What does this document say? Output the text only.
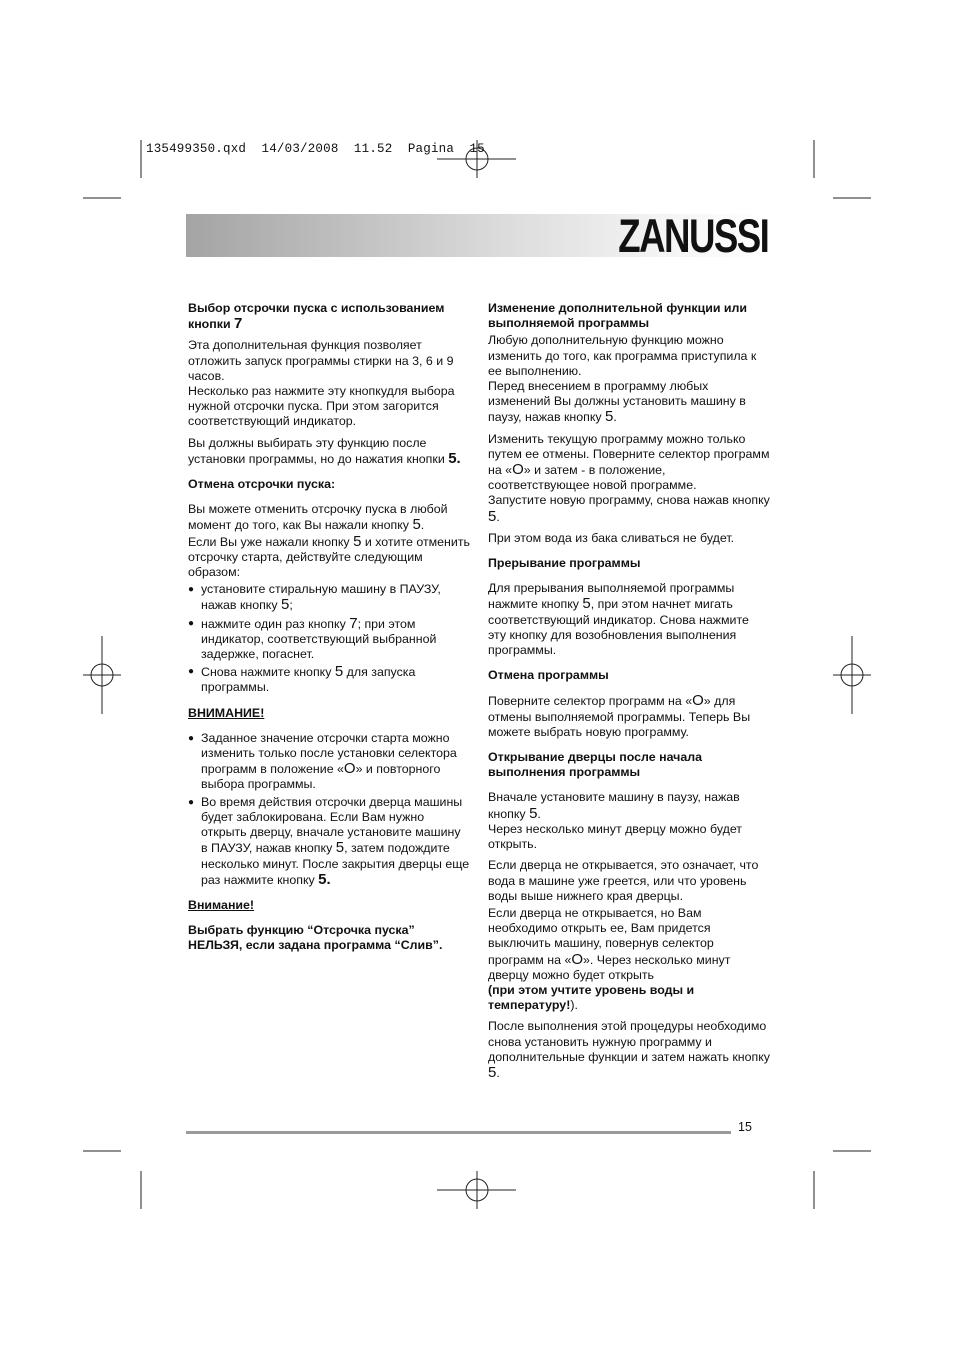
135499350.qxd  14/03/2008  11.52  Pagina  15
ZANUSSI
Выбор отсрочки пуска с использованием кнопки 7
Эта дополнительная функция позволяет отложить запуск программы стирки на 3, 6 и 9 часов.
Несколько раз нажмите эту кнопкудля выбора нужной отсрочки пуска. При этом загорится соответствующий индикатор.
Вы должны выбирать эту функцию после установки программы, но до нажатия кнопки 5.
Отмена отсрочки пуска:
Вы можете отменить отсрочку пуска в любой момент до того, как Вы нажали кнопку 5.
Если Вы уже нажали кнопку 5 и хотите отменить отсрочку старта, действуйте следующим образом:
● установите стиральную машину в ПАУЗУ, нажав кнопку 5;
● нажмите один раз кнопку 7; при этом индикатор, соответствующий выбранной задержке, погаснет.
● Снова нажмите кнопку 5 для запуска программы.
ВНИМАНИЕ!
● Заданное значение отсрочки старта можно изменить только после установки селектора программ в положение «O» и повторного выбора программы.
● Во время действия отсрочки дверца машины будет заблокирована. Если Вам нужно открыть дверцу, вначале установите машину в ПАУЗУ, нажав кнопку 5, затем подождите несколько минут. После закрытия дверцы еще раз нажмите кнопку 5.
Внимание!
Выбрать функцию “Отсрочка пуска” НЕЛЬЗЯ, если задана программа “Слив”.
Изменение дополнительной функции или выполняемой программы
Любую дополнительную функцию можно изменить до того, как программа приступила к ее выполнению.
Перед внесением в программу любых изменений Вы должны установить машину в паузу, нажав кнопку 5.
Изменить текущую программу можно только путем ее отмены. Поверните селектор программ на «O» и затем - в положение, соответствующее новой программе.
Запустите новую программу, снова нажав кнопку 5.
При этом вода из бака сливаться не будет.
Прерывание программы
Для прерывания выполняемой программы нажмите кнопку 5, при этом начнет мигать соответствующий индикатор. Снова нажмите эту кнопку для возобновления выполнения программы.
Отмена программы
Поверните селектор программ на «O» для отмены выполняемой программы. Теперь Вы можете выбрать новую программу.
Открывание дверцы после начала выполнения программы
Вначале установите машину в паузу, нажав кнопку 5.
Через несколько минут дверцу можно будет открыть.
Если дверца не открывается, это означает, что вода в машине уже греется, или что уровень воды выше нижнего края дверцы.
Если дверца не открывается, но Вам необходимо открыть ее, Вам придется выключить машину, повернув селектор программ на «O». Через несколько минут дверцу можно будет открыть
(при этом учтите уровень воды и температуру!).
После выполнения этой процедуры необходимо снова установить нужную программу и дополнительные функции и затем нажать кнопку 5.
15
